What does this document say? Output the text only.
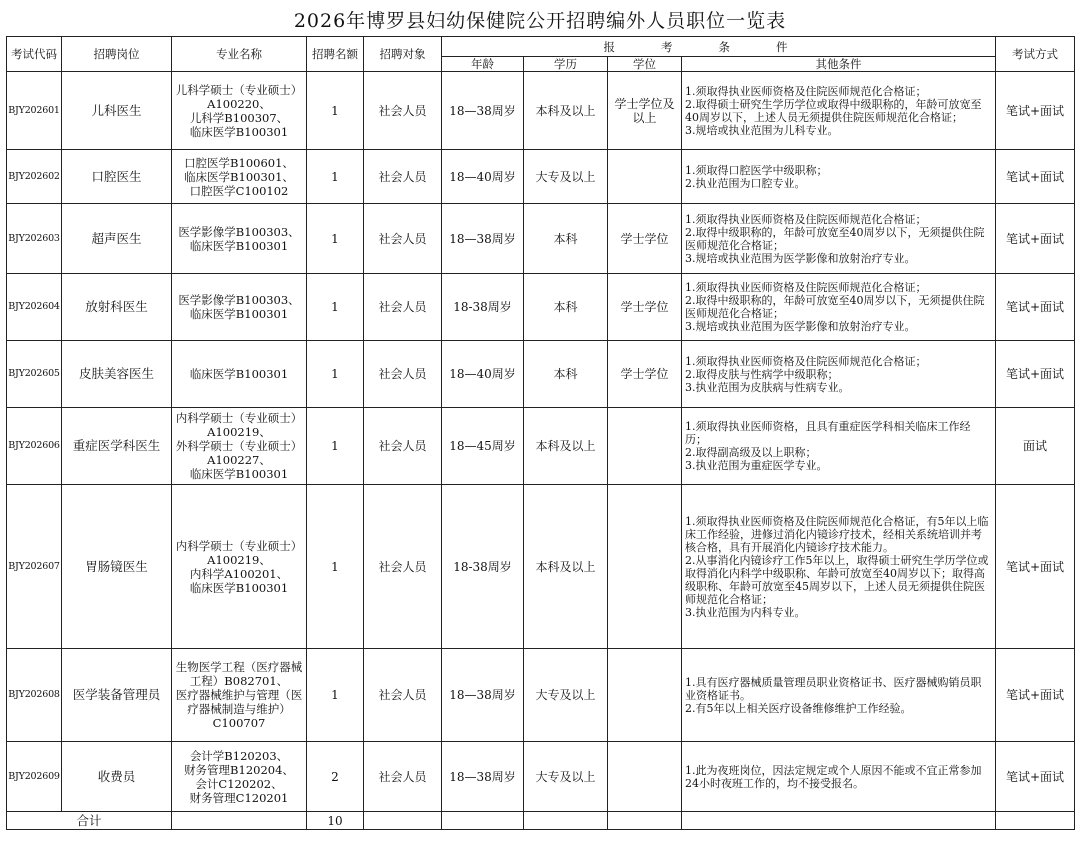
2026年博罗县妇幼保健院公开招聘编外人员职位一览表
考试代码	招聘岗位	专业名称	招聘名额	招聘对象	报考条件				考试方式
					年龄	学历	学位	其他条件	
BJY202601	儿科医生	儿科学硕士（专业硕士）A100220、
儿科学B100307、
临床医学B100301	1	社会人员	18—38周岁	本科及以上	学士学位及以上	1.须取得执业医师资格及住院医师规范化合格证；
2.取得硕士研究生学历学位或取得中级职称的，年龄可放宽至40周岁以下，上述人员无须提供住院医师规范化合格证；
3.规培或执业范围为儿科专业。	笔试+面试
BJY202602	口腔医生	口腔医学B100601、
临床医学B100301、
口腔医学C100102	1	社会人员	18—40周岁	大专及以上		1.须取得口腔医学中级职称；
2.执业范围为口腔专业。	笔试+面试
BJY202603	超声医生	医学影像学B100303、
临床医学B100301	1	社会人员	18—38周岁	本科	学士学位	1.须取得执业医师资格及住院医师规范化合格证；
2.取得中级职称的，年龄可放宽至40周岁以下，无须提供住院医师规范化合格证；
3.规培或执业范围为医学影像和放射治疗专业。	笔试+面试
BJY202604	放射科医生	医学影像学B100303、
临床医学B100301	1	社会人员	18-38周岁	本科	学士学位	1.须取得执业医师资格及住院医师规范化合格证；
2.取得中级职称的，年龄可放宽至40周岁以下，无须提供住院医师规范化合格证；
3.规培或执业范围为医学影像和放射治疗专业。	笔试+面试
BJY202605	皮肤美容医生	临床医学B100301	1	社会人员	18—40周岁	本科	学士学位	1.须取得执业医师资格及住院医师规范化合格证；
2.取得皮肤与性病学中级职称；
3.执业范围为皮肤病与性病专业。	笔试+面试
BJY202606	重症医学科医生	内科学硕士（专业硕士）A100219、
外科学硕士（专业硕士）A100227、
临床医学B100301	1	社会人员	18—45周岁	本科及以上		1.须取得执业医师资格，且具有重症医学科相关临床工作经历；
2.取得副高级及以上职称；
3.执业范围为重症医学专业。	面试
BJY202607	胃肠镜医生	内科学硕士（专业硕士）A100219、
内科学A100201、
临床医学B100301	1	社会人员	18-38周岁	本科及以上		1.须取得执业医师资格及住院医师规范化合格证，有5年以上临床工作经验，进修过消化内镜诊疗技术，经相关系统培训并考核合格，具有开展消化内镜诊疗技术能力。
2.从事消化内镜诊疗工作5年以上，取得硕士研究生学历学位或取得消化内科学中级职称、年龄可放宽至40周岁以下；取得高级职称、年龄可放宽至45周岁以下，上述人员无须提供住院医师规范化合格证；
3.执业范围为内科专业。	笔试+面试
BJY202608	医学装备管理员	生物医学工程（医疗器械工程）B082701、
医疗器械维护与管理（医疗器械制造与维护）C100707	1	社会人员	18—38周岁	大专及以上		1.具有医疗器械质量管理员职业资格证书、医疗器械购销员职业资格证书。
2.有5年以上相关医疗设备维修维护工作经验。	笔试+面试
BJY202609	收费员	会计学B120203、
财务管理B120204、
会计C120202、
财务管理C120201	2	社会人员	18—38周岁	大专及以上		1.此为夜班岗位，因法定规定或个人原因不能或不宜正常参加24小时夜班工作的，均不接受报名。	笔试+面试
合计			10						
